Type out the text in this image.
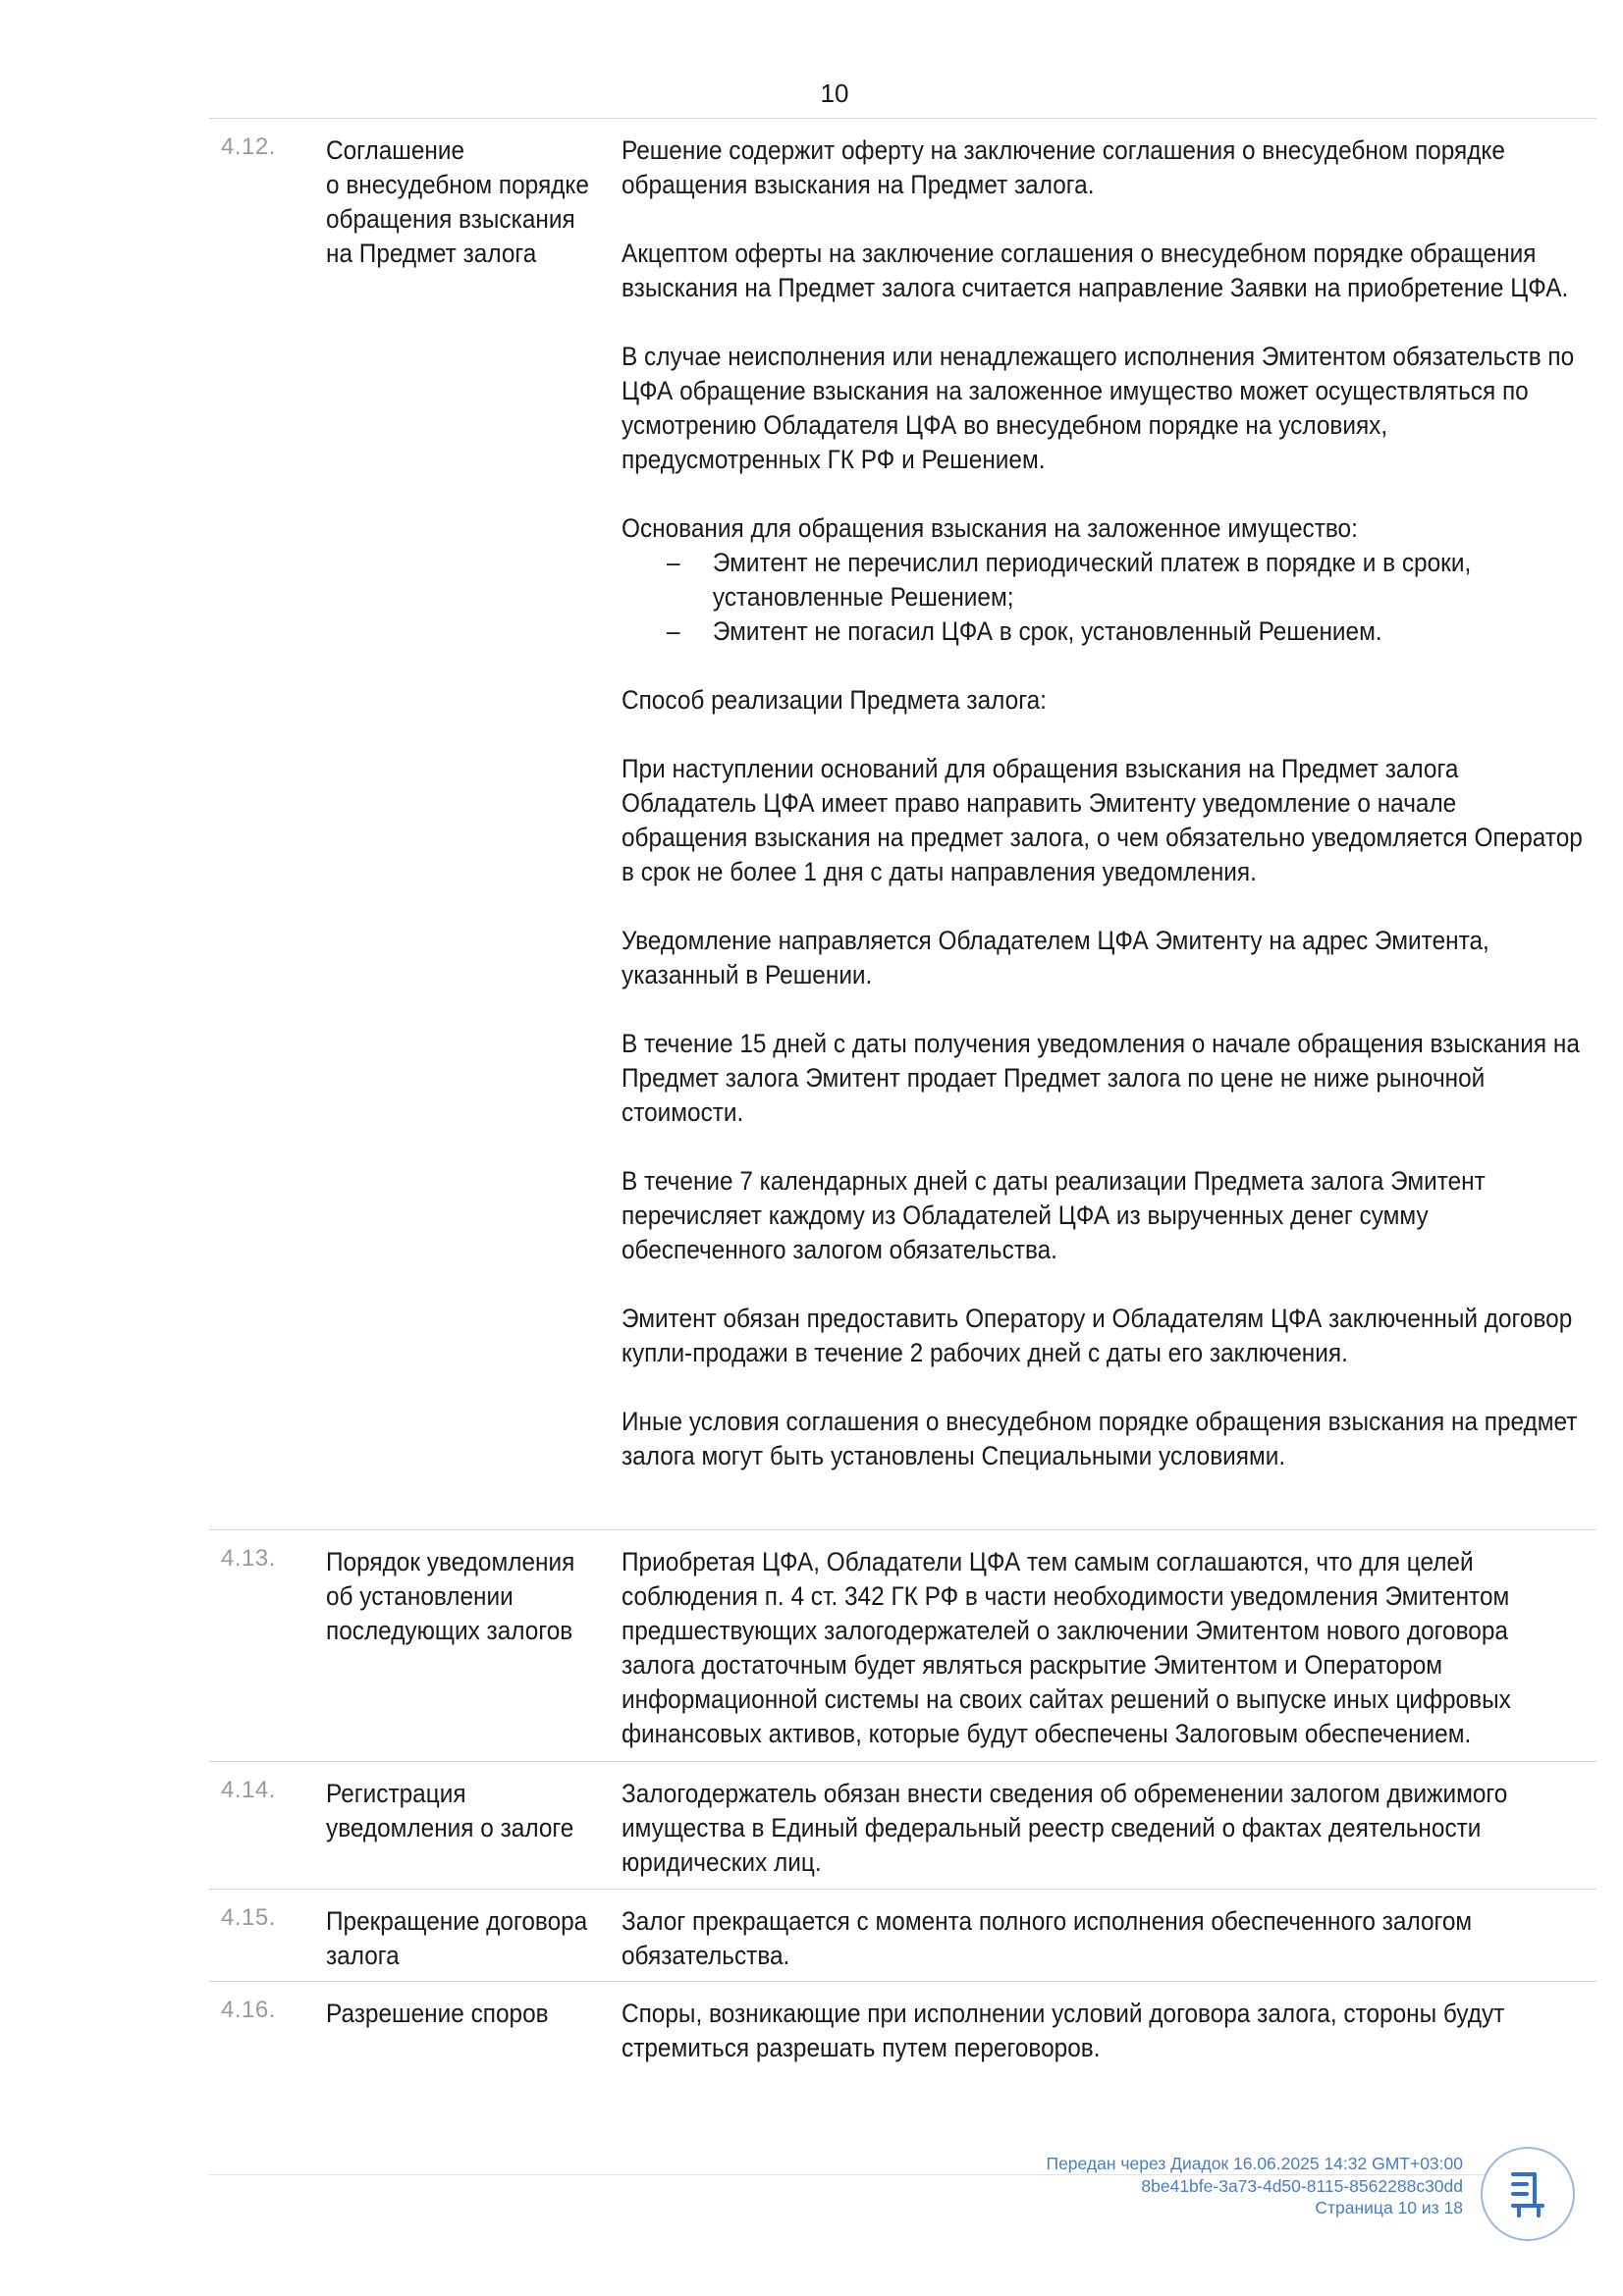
10
4.12. Соглашение
о внесудебном порядке
обращения взыскания
на Предмет залога

Решение содержит оферту на заключение соглашения о внесудебном порядке обращения взыскания на Предмет залога.

Акцептом оферты на заключение соглашения о внесудебном порядке обращения взыскания на Предмет залога считается направление Заявки на приобретение ЦФА.

В случае неисполнения или ненадлежащего исполнения Эмитентом обязательств по ЦФА обращение взыскания на заложенное имущество может осуществляться по усмотрению Обладателя ЦФА во внесудебном порядке на условиях, предусмотренных ГК РФ и Решением.

Основания для обращения взыскания на заложенное имущество:

– Эмитент не перечислил периодический платеж в порядке и в сроки, установленные Решением;
– Эмитент не погасил ЦФА в срок, установленный Решением.

Способ реализации Предмета залога:

При наступлении оснований для обращения взыскания на Предмет залога Обладатель ЦФА имеет право направить Эмитенту уведомление о начале обращения взыскания на предмет залога, о чем обязательно уведомляется Оператор в срок не более 1 дня с даты направления уведомления.

Уведомление направляется Обладателем ЦФА Эмитенту на адрес Эмитента, указанный в Решении.

В течение 15 дней с даты получения уведомления о начале обращения взыскания на Предмет залога Эмитент продает Предмет залога по цене не ниже рыночной стоимости.

В течение 7 календарных дней с даты реализации Предмета залога Эмитент перечисляет каждому из Обладателей ЦФА из вырученных денег сумму обеспеченного залогом обязательства.

Эмитент обязан предоставить Оператору и Обладателям ЦФА заключенный договор купли-продажи в течение 2 рабочих дней с даты его заключения.

Иные условия соглашения о внесудебном порядке обращения взыскания на предмет залога могут быть установлены Специальными условиями.

4.13. Порядок уведомления
об установлении
последующих залогов
Приобретая ЦФА, Обладатели ЦФА тем самым соглашаются, что для целей соблюдения п. 4 ст. 342 ГК РФ в части необходимости уведомления Эмитентом предшествующих залогодержателей о заключении Эмитентом нового договора залога достаточным будет являться раскрытие Эмитентом и Оператором информационной системы на своих сайтах решений о выпуске иных цифровых финансовых активов, которые будут обеспечены Залоговым обеспечением.
4.14. Регистрация
уведомления о залоге
Залогодержатель обязан внести сведения об обременении залогом движимого имущества в Единый федеральный реестр сведений о фактах деятельности юридических лиц.
4.15. Прекращение договора
залога
Залог прекращается с момента полного исполнения обеспеченного залогом обязательства.
4.16. Разрешение споров	Споры, возникающие при исполнении условий договора залога, стороны будут стремиться разрешать путем переговоров.
Передан через Диадок 16.06.2025 14:32 GMT+03:00
8be41bfe-3a73-4d50-8115-8562288c30dd
Страница 10 из 18
